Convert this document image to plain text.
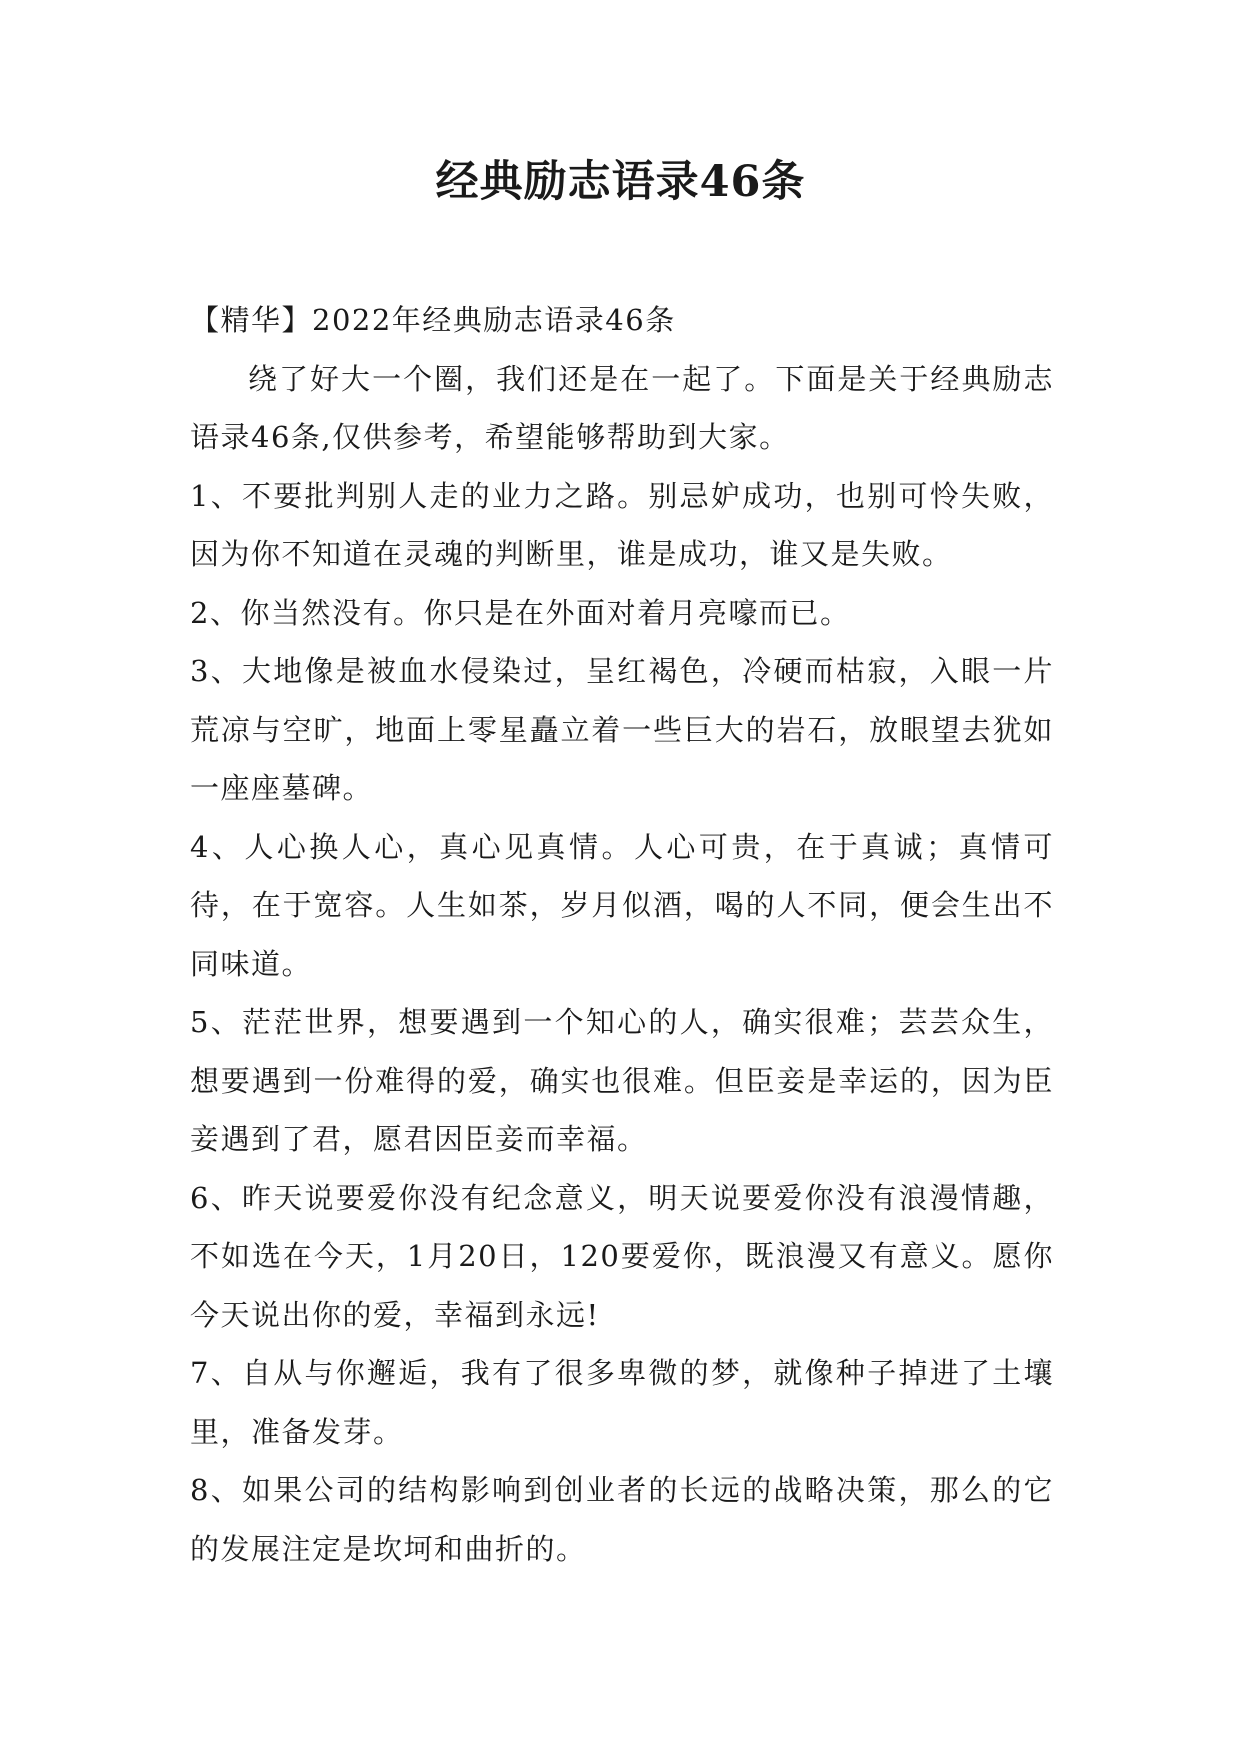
经典励志语录46条

【精华】2022年经典励志语录46条

绕了好大一个圈，我们还是在一起了。下面是关于经典励志语录46条,仅供参考，希望能够帮助到大家。

1、不要批判别人走的业力之路。别忌妒成功，也别可怜失败，因为你不知道在灵魂的判断里，谁是成功，谁又是失败。

2、你当然没有。你只是在外面对着月亮嚎而已。

3、大地像是被血水侵染过，呈红褐色，冷硬而枯寂，入眼一片荒凉与空旷，地面上零星矗立着一些巨大的岩石，放眼望去犹如一座座墓碑。

4、人心换人心，真心见真情。人心可贵，在于真诚；真情可待，在于宽容。人生如茶，岁月似酒，喝的人不同，便会生出不同味道。

5、茫茫世界，想要遇到一个知心的人，确实很难；芸芸众生，想要遇到一份难得的爱，确实也很难。但臣妾是幸运的，因为臣妾遇到了君，愿君因臣妾而幸福。

6、昨天说要爱你没有纪念意义，明天说要爱你没有浪漫情趣，不如选在今天，1月20日，120要爱你，既浪漫又有意义。愿你今天说出你的爱，幸福到永远!

7、自从与你邂逅，我有了很多卑微的梦，就像种子掉进了土壤里，准备发芽。

8、如果公司的结构影响到创业者的长远的战略决策，那么的它的发展注定是坎坷和曲折的。
